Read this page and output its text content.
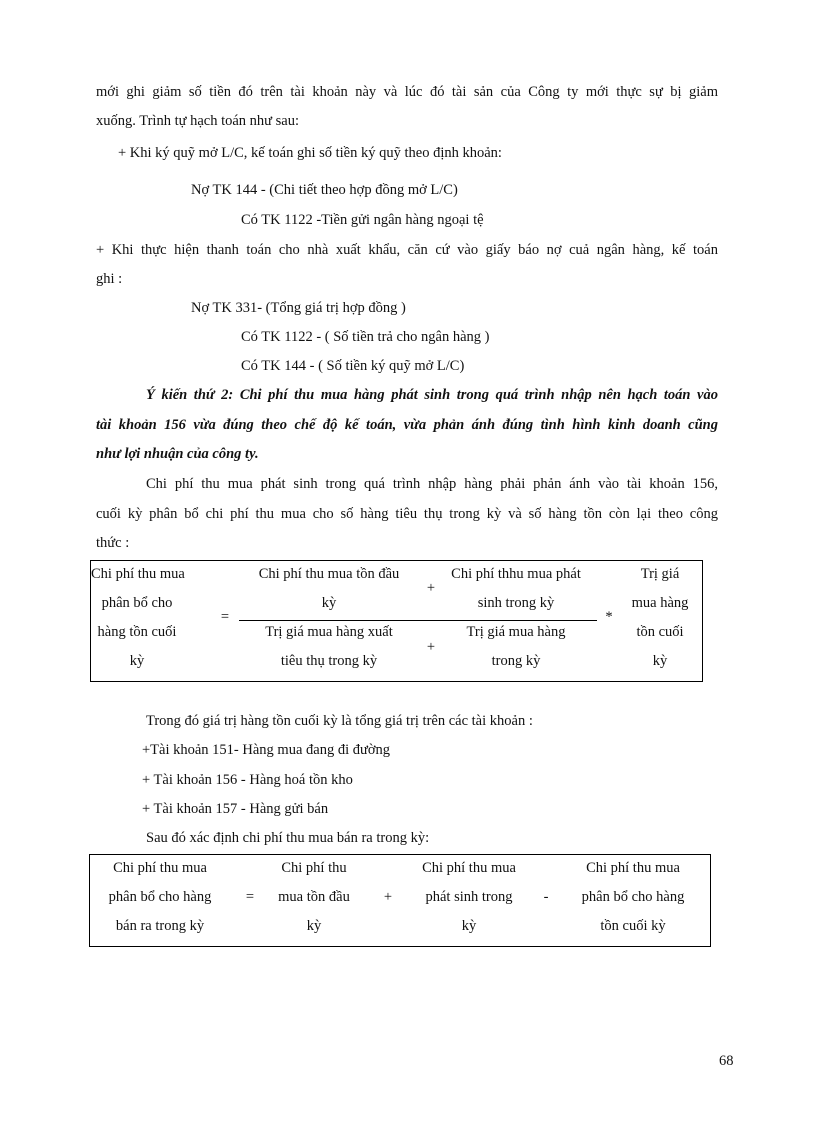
mới ghi giảm số tiền đó trên tài khoản này và lúc đó tài sản của Công ty mới thực sự bị giảm
xuống. Trình tự hạch toán như sau:
+ Khi ký quỹ mở L/C, kế toán ghi số tiền ký quỹ theo định khoản:
Nợ TK 144 - (Chi tiết theo hợp đồng mở L/C)
Có TK 1122 -Tiền gửi ngân hàng ngoại tệ
+ Khi thực hiện thanh toán cho nhà xuất khẩu, căn cứ vào giấy báo nợ cuả ngân hàng, kế toán
ghi :
Nợ TK 331- (Tổng giá trị hợp đồng )
Có TK 1122 - ( Số tiền trả cho ngân hàng )
Có TK 144 - ( Số tiền ký quỹ mở L/C)
Ý kiến thứ 2: Chi phí thu mua hàng phát sinh trong quá trình nhập nên hạch toán vào
tài khoản 156 vừa đúng theo chế độ kế toán, vừa phản ánh đúng tình hình kinh doanh cũng
như lợi nhuận của công ty.
Chi phí thu mua phát sinh trong quá trình nhập hàng phải phản ánh vào tài khoản 156,
cuối kỳ phân bổ chi phí thu mua cho số hàng tiêu thụ trong kỳ và số hàng tồn còn lại theo công
thức :
Chi phí thu mua
phân bổ cho
hàng tồn cuối
kỳ
=
Chi phí thu mua tồn đầu
kỳ
+
Chi phí thhu mua phát
sinh trong kỳ
Trị giá mua hàng xuất
tiêu thụ trong kỳ
+
Trị giá mua hàng
trong kỳ
*
Trị giá
mua hàng
tồn cuối
kỳ
Trong đó giá trị hàng tồn cuối kỳ là tổng giá trị trên các tài khoản :
+Tài khoản 151- Hàng mua đang đi đường
+ Tài khoản 156 - Hàng hoá tồn kho
+ Tài khoản 157 - Hàng gửi bán
Sau đó xác định chi phí thu mua bán ra trong kỳ:
Chi phí thu mua
phân bổ cho hàng
bán ra trong kỳ
=
Chi phí thu
mua tồn đầu
kỳ
+
Chi phí thu mua
phát sinh trong
kỳ
-
Chi phí thu mua
phân bổ cho hàng
tồn cuối kỳ
68
